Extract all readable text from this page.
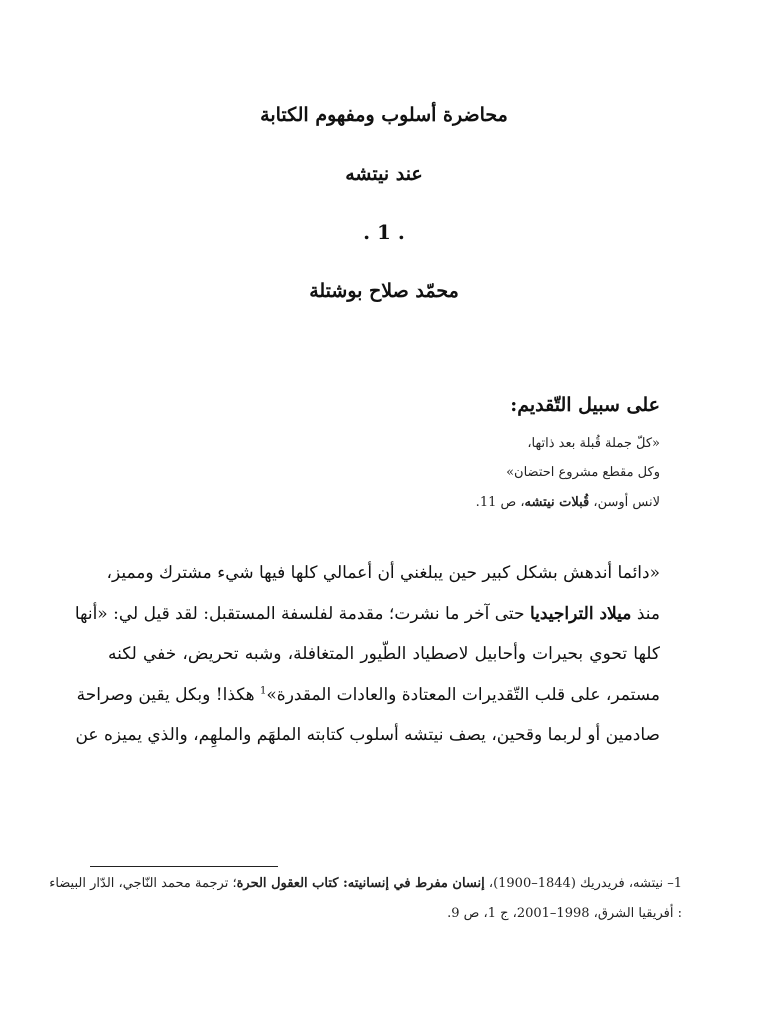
محاضرة أسلوب ومفهوم الكتابة
عند نيتشه
. 1 .
محمّد صلاح بوشتلة
على سبيل التّقديم:
«كلّ جملة قُبلة بعد ذاتها،
وكل مقطع مشروع احتضان»
لانس أوسن، قُبلات نيتشه، ص 11.
«دائما أندهش بشكل كبير حين يبلغني أن أعمالي كلها فيها شيء مشترك ومميز،
منذ ميلاد التراجيديا حتى آخر ما نشرت؛ مقدمة لفلسفة المستقبل: لقد قيل لي: «أنها
كلها تحوي بحيرات وأحابيل لاصطياد الطّيور المتغافلة، وشبه تحريض، خفي لكنه
مستمر، على قلب التّقديرات المعتادة والعادات المقدرة»$^1$ هكذا! وبكل يقين وصراحة
صادمين أو لربما وقحين، يصف نيتشه أسلوب كتابته الملهَم والملهِم، والذي يميزه عن
1– نيتشه، فريدريك (1844–1900)، إنسان مفرط في إنسانيته: كتاب العقول الحرة؛ ترجمة محمد النّاجي، الدّار البيضاء
: أفريقيا الشرق، 1998–2001، ج 1، ص 9.
